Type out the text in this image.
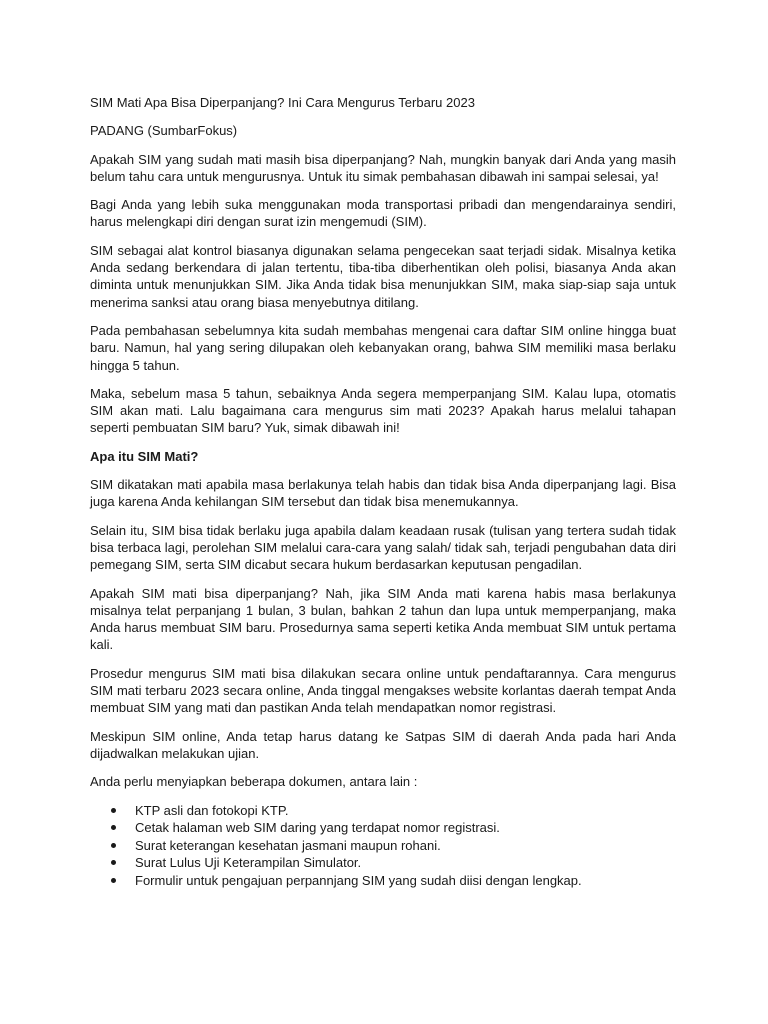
SIM Mati Apa Bisa Diperpanjang? Ini Cara Mengurus Terbaru 2023

PADANG (SumbarFokus)

Apakah SIM yang sudah mati masih bisa diperpanjang? Nah, mungkin banyak dari Anda yang masih belum tahu cara untuk mengurusnya. Untuk itu simak pembahasan dibawah ini sampai selesai, ya!

Bagi Anda yang lebih suka menggunakan moda transportasi pribadi dan mengendarainya sendiri, harus melengkapi diri dengan surat izin mengemudi (SIM).

SIM sebagai alat kontrol biasanya digunakan selama pengecekan saat terjadi sidak. Misalnya ketika Anda sedang berkendara di jalan tertentu, tiba-tiba diberhentikan oleh polisi, biasanya Anda akan diminta untuk menunjukkan SIM. Jika Anda tidak bisa menunjukkan SIM, maka siap-siap saja untuk menerima sanksi atau orang biasa menyebutnya ditilang.

Pada pembahasan sebelumnya kita sudah membahas mengenai cara daftar SIM online hingga buat baru. Namun, hal yang sering dilupakan oleh kebanyakan orang, bahwa SIM memiliki masa berlaku hingga 5 tahun.

Maka, sebelum masa 5 tahun, sebaiknya Anda segera memperpanjang SIM. Kalau lupa, otomatis SIM akan mati. Lalu bagaimana cara mengurus sim mati 2023? Apakah harus melalui tahapan seperti pembuatan SIM baru? Yuk, simak dibawah ini!

Apa itu SIM Mati?

SIM dikatakan mati apabila masa berlakunya telah habis dan tidak bisa Anda diperpanjang lagi. Bisa juga karena Anda kehilangan SIM tersebut dan tidak bisa menemukannya.

Selain itu, SIM bisa tidak berlaku juga apabila dalam keadaan rusak (tulisan yang tertera sudah tidak bisa terbaca lagi, perolehan SIM melalui cara-cara yang salah/ tidak sah, terjadi pengubahan data diri pemegang SIM, serta SIM dicabut secara hukum berdasarkan keputusan pengadilan.

Apakah SIM mati bisa diperpanjang? Nah, jika SIM Anda mati karena habis masa berlakunya misalnya telat perpanjang 1 bulan, 3 bulan, bahkan 2 tahun dan lupa untuk memperpanjang, maka Anda harus membuat SIM baru. Prosedurnya sama seperti ketika Anda membuat SIM untuk pertama kali.

Prosedur mengurus SIM mati bisa dilakukan secara online untuk pendaftarannya. Cara mengurus SIM mati terbaru 2023 secara online, Anda tinggal mengakses website korlantas daerah tempat Anda membuat SIM yang mati dan pastikan Anda telah mendapatkan nomor registrasi.

Meskipun SIM online, Anda tetap harus datang ke Satpas SIM di daerah Anda pada hari Anda dijadwalkan melakukan ujian.

Anda perlu menyiapkan beberapa dokumen, antara lain :

KTP asli dan fotokopi KTP.
Cetak halaman web SIM daring yang terdapat nomor registrasi.
Surat keterangan kesehatan jasmani maupun rohani.
Surat Lulus Uji Keterampilan Simulator.
Formulir untuk pengajuan perpannjang SIM yang sudah diisi dengan lengkap.
